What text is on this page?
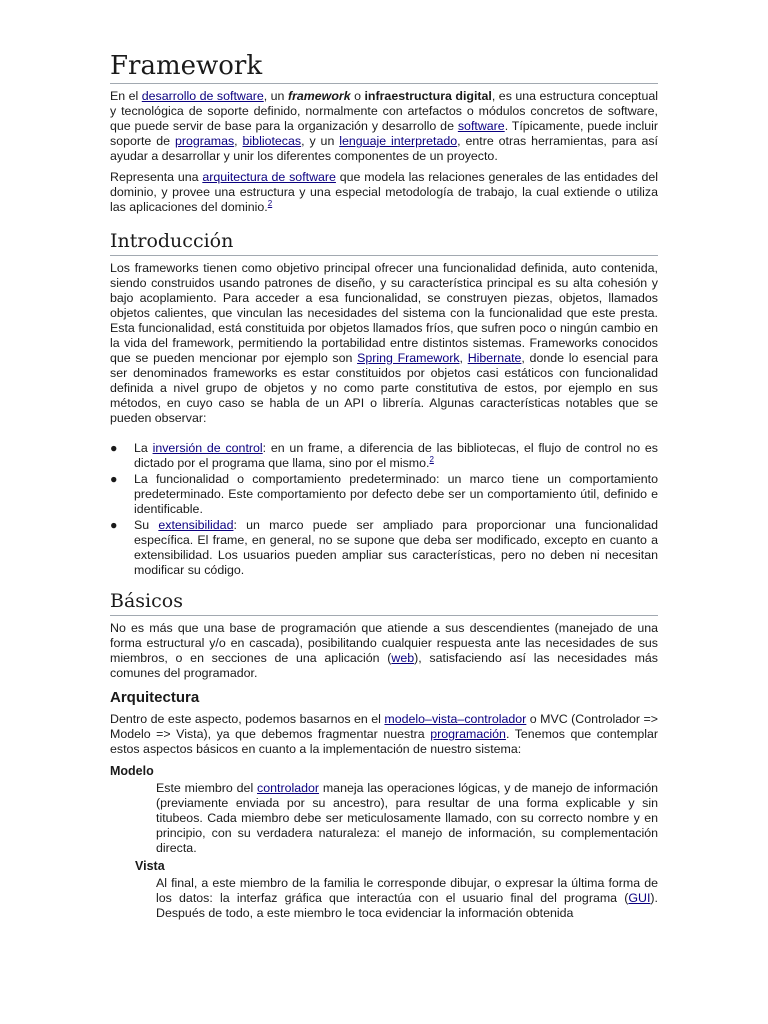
Framework

En el desarrollo de software, un framework o infraestructura digital, es una estructura conceptual y tecnológica de soporte definido, normalmente con artefactos o módulos concretos de software, que puede servir de base para la organización y desarrollo de software. Típicamente, puede incluir soporte de programas, bibliotecas, y un lenguaje interpretado, entre otras herramientas, para así ayudar a desarrollar y unir los diferentes componentes de un proyecto.

Representa una arquitectura de software que modela las relaciones generales de las entidades del dominio, y provee una estructura y una especial metodología de trabajo, la cual extiende o utiliza las aplicaciones del dominio.$^2$

Introducción

Los frameworks tienen como objetivo principal ofrecer una funcionalidad definida, auto contenida, siendo construidos usando patrones de diseño, y su característica principal es su alta cohesión y bajo acoplamiento. Para acceder a esa funcionalidad, se construyen piezas, objetos, llamados objetos calientes, que vinculan las necesidades del sistema con la funcionalidad que este presta. Esta funcionalidad, está constituida por objetos llamados fríos, que sufren poco o ningún cambio en la vida del framework, permitiendo la portabilidad entre distintos sistemas. Frameworks conocidos que se pueden mencionar por ejemplo son Spring Framework, Hibernate, donde lo esencial para ser denominados frameworks es estar constituidos por objetos casi estáticos con funcionalidad definida a nivel grupo de objetos y no como parte constitutiva de estos, por ejemplo en sus métodos, en cuyo caso se habla de un API o librería. Algunas características notables que se pueden observar:

● La inversión de control: en un frame, a diferencia de las bibliotecas, el flujo de control no es dictado por el programa que llama, sino por el mismo.$^2$
● La funcionalidad o comportamiento predeterminado: un marco tiene un comportamiento predeterminado. Este comportamiento por defecto debe ser un comportamiento útil, definido e identificable.
● Su extensibilidad: un marco puede ser ampliado para proporcionar una funcionalidad específica. El frame, en general, no se supone que deba ser modificado, excepto en cuanto a extensibilidad. Los usuarios pueden ampliar sus características, pero no deben ni necesitan modificar su código.
Básicos

No es más que una base de programación que atiende a sus descendientes (manejado de una forma estructural y/o en cascada), posibilitando cualquier respuesta ante las necesidades de sus miembros, o en secciones de una aplicación (web), satisfaciendo así las necesidades más comunes del programador.

Arquitectura

Dentro de este aspecto, podemos basarnos en el modelo–vista–controlador o MVC (Controlador => Modelo => Vista), ya que debemos fragmentar nuestra programación. Tenemos que contemplar estos aspectos básicos en cuanto a la implementación de nuestro sistema:

Modelo

Este miembro del controlador maneja las operaciones lógicas, y de manejo de información (previamente enviada por su ancestro), para resultar de una forma explicable y sin titubeos. Cada miembro debe ser meticulosamente llamado, con su correcto nombre y en principio, con su verdadera naturaleza: el manejo de información, su complementación directa.

Vista

Al final, a este miembro de la familia le corresponde dibujar, o expresar la última forma de los datos: la interfaz gráfica que interactúa con el usuario final del programa (GUI). Después de todo, a este miembro le toca evidenciar la información obtenida
